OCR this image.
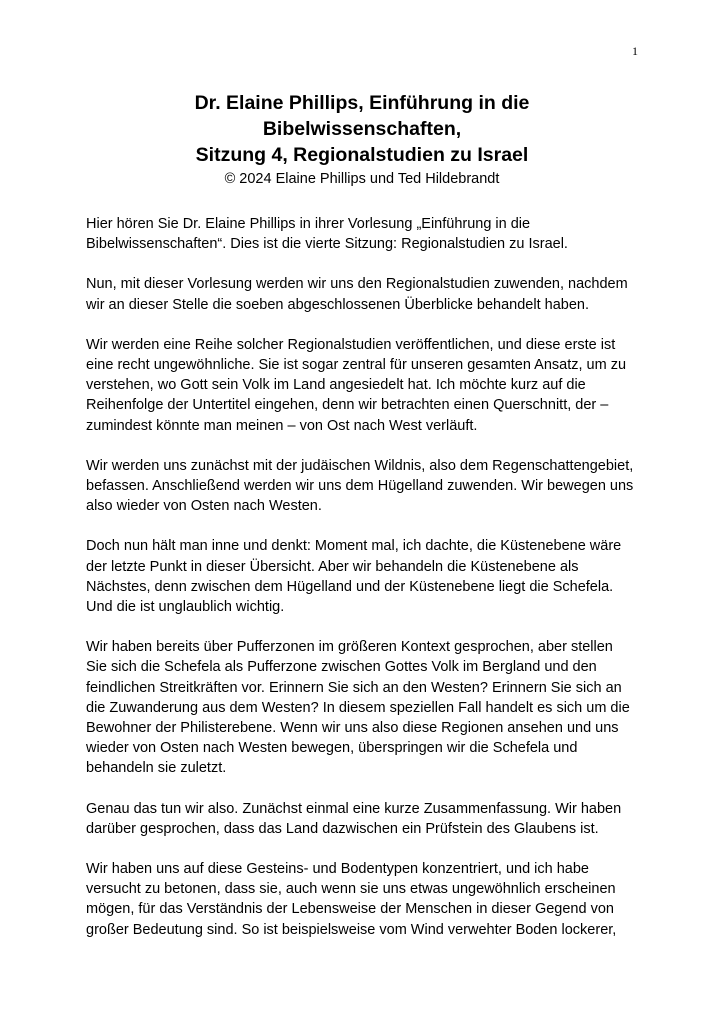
1
Dr. Elaine Phillips, Einführung in die
Bibelwissenschaften,
Sitzung 4, Regionalstudien zu Israel
© 2024 Elaine Phillips und Ted Hildebrandt

Hier hören Sie Dr. Elaine Phillips in ihrer Vorlesung „Einführung in die
Bibelwissenschaften“. Dies ist die vierte Sitzung: Regionalstudien zu Israel.

Nun, mit dieser Vorlesung werden wir uns den Regionalstudien zuwenden, nachdem
wir an dieser Stelle die soeben abgeschlossenen Überblicke behandelt haben.

Wir werden eine Reihe solcher Regionalstudien veröffentlichen, und diese erste ist
eine recht ungewöhnliche. Sie ist sogar zentral für unseren gesamten Ansatz, um zu
verstehen, wo Gott sein Volk im Land angesiedelt hat. Ich möchte kurz auf die
Reihenfolge der Untertitel eingehen, denn wir betrachten einen Querschnitt, der –
zumindest könnte man meinen – von Ost nach West verläuft.

Wir werden uns zunächst mit der judäischen Wildnis, also dem Regenschattengebiet,
befassen. Anschließend werden wir uns dem Hügelland zuwenden. Wir bewegen uns
also wieder von Osten nach Westen.

Doch nun hält man inne und denkt: Moment mal, ich dachte, die Küstenebene wäre
der letzte Punkt in dieser Übersicht. Aber wir behandeln die Küstenebene als
Nächstes, denn zwischen dem Hügelland und der Küstenebene liegt die Schefela.
Und die ist unglaublich wichtig.

Wir haben bereits über Pufferzonen im größeren Kontext gesprochen, aber stellen
Sie sich die Schefela als Pufferzone zwischen Gottes Volk im Bergland und den
feindlichen Streitkräften vor. Erinnern Sie sich an den Westen? Erinnern Sie sich an
die Zuwanderung aus dem Westen? In diesem speziellen Fall handelt es sich um die
Bewohner der Philisterebene. Wenn wir uns also diese Regionen ansehen und uns
wieder von Osten nach Westen bewegen, überspringen wir die Schefela und
behandeln sie zuletzt.

Genau das tun wir also. Zunächst einmal eine kurze Zusammenfassung. Wir haben
darüber gesprochen, dass das Land dazwischen ein Prüfstein des Glaubens ist.

Wir haben uns auf diese Gesteins- und Bodentypen konzentriert, und ich habe
versucht zu betonen, dass sie, auch wenn sie uns etwas ungewöhnlich erscheinen
mögen, für das Verständnis der Lebensweise der Menschen in dieser Gegend von
großer Bedeutung sind. So ist beispielsweise vom Wind verwehter Boden lockerer,
